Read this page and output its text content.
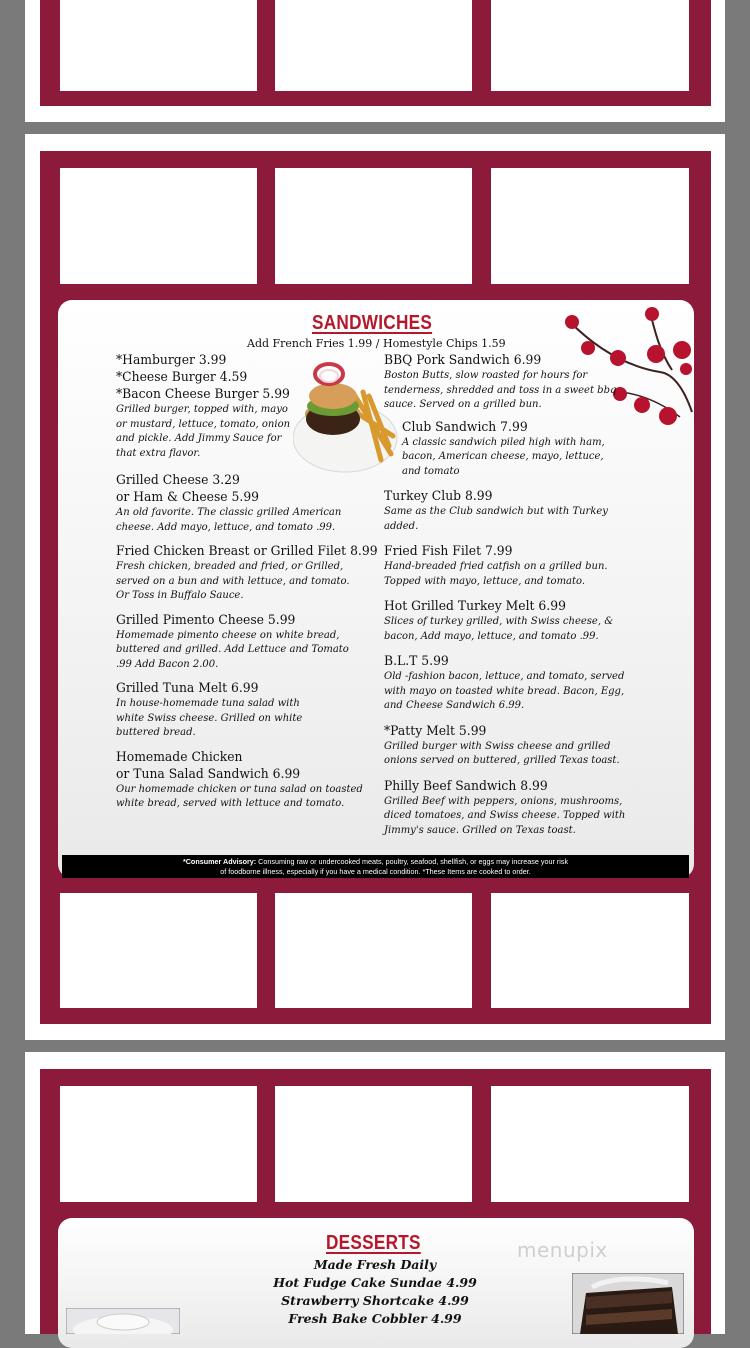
SANDWICHES
Add French Fries 1.99 / Homestyle Chips 1.59
*Hamburger 3.99
*Cheese Burger 4.59
*Bacon Cheese Burger 5.99
Grilled burger, topped with, mayo or mustard, lettuce, tomato, onion and pickle. Add Jimmy Sauce for that extra flavor.
Grilled Cheese 3.29
or Ham & Cheese 5.99
An old favorite. The classic grilled American cheese. Add mayo, lettuce, and tomato .99.
Fried Chicken Breast or Grilled Filet 8.99
Fresh chicken, breaded and fried, or Grilled, served on a bun and with lettuce, and tomato. Or Toss in Buffalo Sauce.
Grilled Pimento Cheese 5.99
Homemade pimento cheese on white bread, buttered and grilled. Add Lettuce and Tomato .99 Add Bacon 2.00.
Grilled Tuna Melt 6.99
In house-homemade tuna salad with white Swiss cheese. Grilled on white buttered bread.
Homemade Chicken
or Tuna Salad Sandwich 6.99
Our homemade chicken or tuna salad on toasted white bread, served with lettuce and tomato.
BBQ Pork Sandwich 6.99
Boston Butts, slow roasted for hours for tenderness, shredded and toss in a sweet bbq sauce. Served on a grilled bun.
Club Sandwich 7.99
A classic sandwich piled high with ham, bacon, American cheese, mayo, lettuce, and tomato
Turkey Club 8.99
Same as the Club sandwich but with Turkey added.
Fried Fish Filet 7.99
Hand-breaded fried catfish on a grilled bun. Topped with mayo, lettuce, and tomato.
Hot Grilled Turkey Melt 6.99
Slices of turkey grilled, with Swiss cheese, & bacon, Add mayo, lettuce, and tomato .99.
B.L.T 5.99
Old -fashion bacon, lettuce, and tomato, served with mayo on toasted white bread. Bacon, Egg, and Cheese Sandwich 6.99.
*Patty Melt 5.99
Grilled burger with Swiss cheese and grilled onions served on buttered, grilled Texas toast.
Philly Beef Sandwich 8.99
Grilled Beef with peppers, onions, mushrooms, diced tomatoes, and Swiss cheese. Topped with Jimmy's sauce. Grilled on Texas toast.
*Consumer Advisory: Consuming raw or undercooked meats, poultry, seafood, shellfish, or eggs may increase your risk
of foodborne illness, especially if you have a medical condition. *These Items are cooked to order.
menupix
DESSERTS
Made Fresh Daily
Hot Fudge Cake Sundae 4.99
Strawberry Shortcake 4.99
Fresh Bake Cobbler 4.99
